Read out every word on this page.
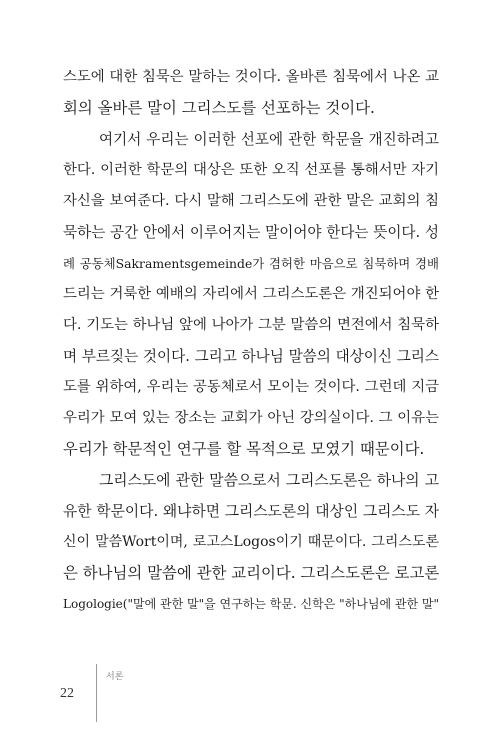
스도에 대한 침묵은 말하는 것이다. 올바른 침묵에서 나온 교
회의 올바른 말이 그리스도를 선포하는 것이다.
여기서 우리는 이러한 선포에 관한 학문을 개진하려고
한다. 이러한 학문의 대상은 또한 오직 선포를 통해서만 자기
자신을 보여준다. 다시 말해 그리스도에 관한 말은 교회의 침
묵하는 공간 안에서 이루어지는 말이어야 한다는 뜻이다. 성
례 공동체Sakramentsgemeinde가 겸허한 마음으로 침묵하며 경배
드리는 거룩한 예배의 자리에서 그리스도론은 개진되어야 한
다. 기도는 하나님 앞에 나아가 그분 말씀의 면전에서 침묵하
며 부르짖는 것이다. 그리고 하나님 말씀의 대상이신 그리스
도를 위하여, 우리는 공동체로서 모이는 것이다. 그런데 지금
우리가 모여 있는 장소는 교회가 아닌 강의실이다. 그 이유는
우리가 학문적인 연구를 할 목적으로 모였기 때문이다.
그리스도에 관한 말씀으로서 그리스도론은 하나의 고
유한 학문이다. 왜냐하면 그리스도론의 대상인 그리스도 자
신이 말씀Wort이며, 로고스Logos이기 때문이다. 그리스도론
은 하나님의 말씀에 관한 교리이다. 그리스도론은 로고론
Logologie("말에 관한 말"을 연구하는 학문. 신학은 "하나님에 관한 말"
서론
22
